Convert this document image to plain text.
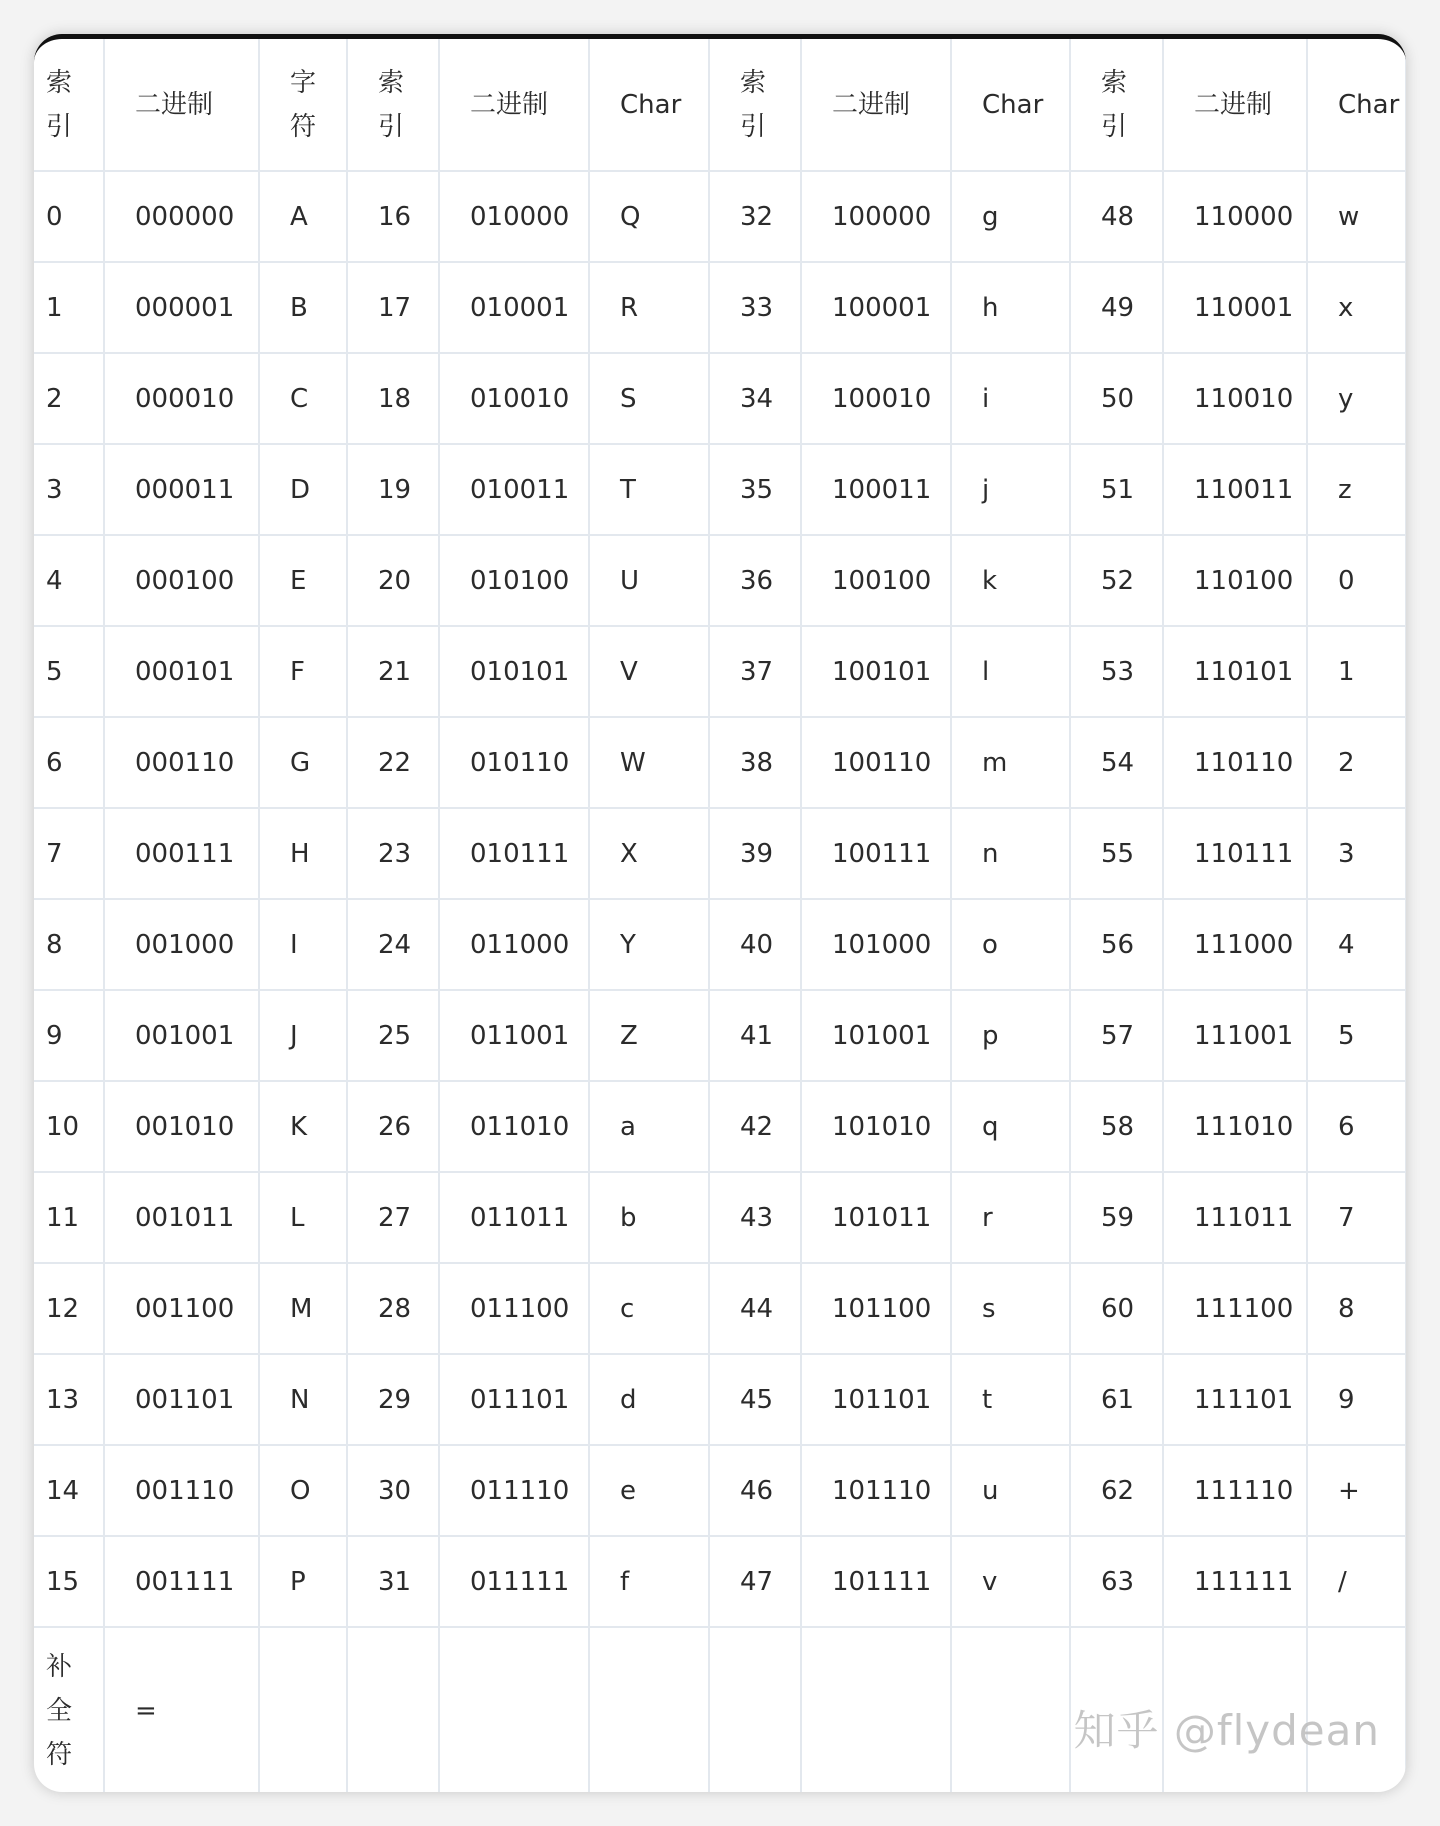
索引	二进制	字符	索引	二进制	Char	索引	二进制	Char	索引	二进制	Char
0	000000	A	16	010000	Q	32	100000	g	48	110000	w
1	000001	B	17	010001	R	33	100001	h	49	110001	x
2	000010	C	18	010010	S	34	100010	i	50	110010	y
3	000011	D	19	010011	T	35	100011	j	51	110011	z
4	000100	E	20	010100	U	36	100100	k	52	110100	0
5	000101	F	21	010101	V	37	100101	l	53	110101	1
6	000110	G	22	010110	W	38	100110	m	54	110110	2
7	000111	H	23	010111	X	39	100111	n	55	110111	3
8	001000	I	24	011000	Y	40	101000	o	56	111000	4
9	001001	J	25	011001	Z	41	101001	p	57	111001	5
10	001010	K	26	011010	a	42	101010	q	58	111010	6
11	001011	L	27	011011	b	43	101011	r	59	111011	7
12	001100	M	28	011100	c	44	101100	s	60	111100	8
13	001101	N	29	011101	d	45	101101	t	61	111101	9
14	001110	O	30	011110	e	46	101110	u	62	111110	+
15	001111	P	31	011111	f	47	101111	v	63	111111	/

补全符	=											知乎 @flydean
